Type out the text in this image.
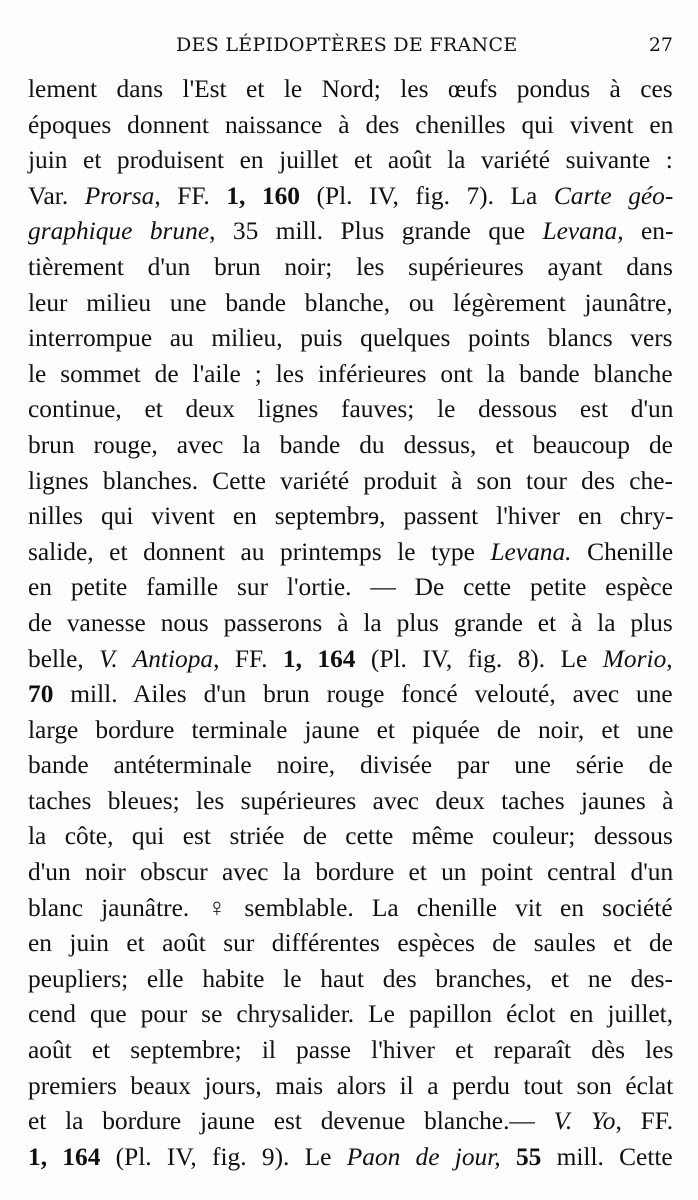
DES LÉPIDOPTÈRES DE FRANCE	27
lement dans l'Est et le Nord; les œufs pondus à ces
époques donnent naissance à des chenilles qui vivent en
juin et produisent en juillet et août la variété suivante :
Var. Prorsa, FF. 1, 160 (Pl. IV, fig. 7). La Carte géo-
graphique brune, 35 mill. Plus grande que Levana, en-
tièrement d'un brun noir; les supérieures ayant dans
leur milieu une bande blanche, ou légèrement jaunâtre,
interrompue au milieu, puis quelques points blancs vers
le sommet de l'aile ; les inférieures ont la bande blanche
continue, et deux lignes fauves; le dessous est d'un
brun rouge, avec la bande du dessus, et beaucoup de
lignes blanches. Cette variété produit à son tour des che-
nilles qui vivent en septembrɘ, passent l'hiver en chry-
salide, et donnent au printemps le type Levana. Chenille
en petite famille sur l'ortie. — De cette petite espèce
de vanesse nous passerons à la plus grande et à la plus
belle, V. Antiopa, FF. 1, 164 (Pl. IV, fig. 8). Le Morio,
70 mill. Ailes d'un brun rouge foncé velouté, avec une
large bordure terminale jaune et piquée de noir, et une
bande antéterminale noire, divisée par une série de
taches bleues; les supérieures avec deux taches jaunes à
la côte, qui est striée de cette même couleur; dessous
d'un noir obscur avec la bordure et un point central d'un
blanc jaunâtre. ♀ semblable. La chenille vit en société
en juin et août sur différentes espèces de saules et de
peupliers; elle habite le haut des branches, et ne des-
cend que pour se chrysalider. Le papillon éclot en juillet,
août et septembre; il passe l'hiver et reparaît dès les
premiers beaux jours, mais alors il a perdu tout son éclat
et la bordure jaune est devenue blanche.— V. Yo, FF.
1, 164 (Pl. IV, fig. 9). Le Paon de jour, 55 mill. Cette
